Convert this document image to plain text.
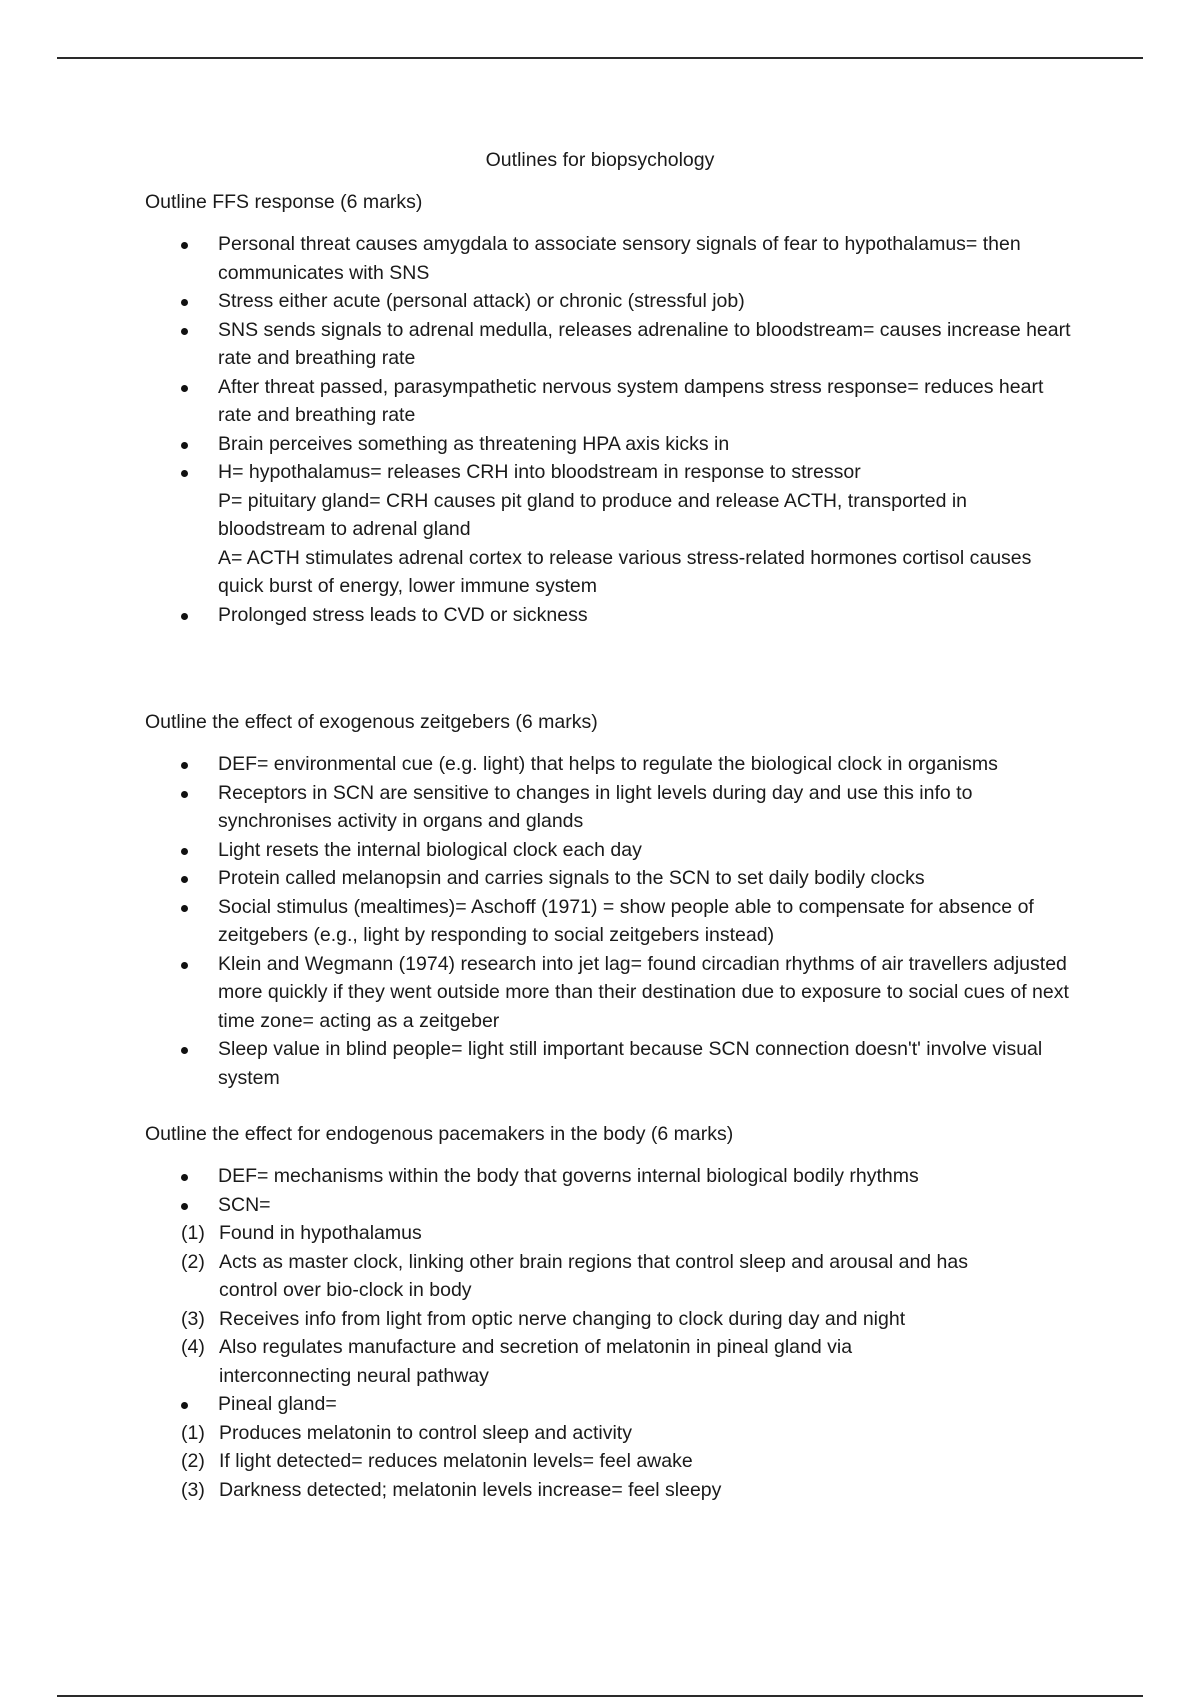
Outlines for biopsychology

Outline FFS response (6 marks)

Personal threat causes amygdala to associate sensory signals of fear to hypothalamus= then communicates with SNS
Stress either acute (personal attack) or chronic (stressful job)
SNS sends signals to adrenal medulla, releases adrenaline to bloodstream= causes increase heart rate and breathing rate
After threat passed, parasympathetic nervous system dampens stress response= reduces heart rate and breathing rate
Brain perceives something as threatening HPA axis kicks in
H= hypothalamus= releases CRH into bloodstream in response to stressor
P= pituitary gland= CRH causes pit gland to produce and release ACTH, transported in bloodstream to adrenal gland
A= ACTH stimulates adrenal cortex to release various stress-related hormones cortisol causes quick burst of energy, lower immune system
Prolonged stress leads to CVD or sickness

Outline the effect of exogenous zeitgebers (6 marks)

DEF= environmental cue (e.g. light) that helps to regulate the biological clock in organisms
Receptors in SCN are sensitive to changes in light levels during day and use this info to synchronises activity in organs and glands
Light resets the internal biological clock each day
Protein called melanopsin and carries signals to the SCN to set daily bodily clocks
Social stimulus (mealtimes)= Aschoff (1971) = show people able to compensate for absence of zeitgebers (e.g., light by responding to social zeitgebers instead)
Klein and Wegmann (1974) research into jet lag= found circadian rhythms of air travellers adjusted more quickly if they went outside more than their destination due to exposure to social cues of next time zone= acting as a zeitgeber
Sleep value in blind people= light still important because SCN connection doesn't' involve visual system

Outline the effect for endogenous pacemakers in the body (6 marks)

DEF= mechanisms within the body that governs internal biological bodily rhythms
SCN=
(1) Found in hypothalamus
(2) Acts as master clock, linking other brain regions that control sleep and arousal and has control over bio-clock in body
(3) Receives info from light from optic nerve changing to clock during day and night
(4) Also regulates manufacture and secretion of melatonin in pineal gland via interconnecting neural pathway
Pineal gland=
(1) Produces melatonin to control sleep and activity
(2) If light detected= reduces melatonin levels= feel awake
(3) Darkness detected; melatonin levels increase= feel sleepy
